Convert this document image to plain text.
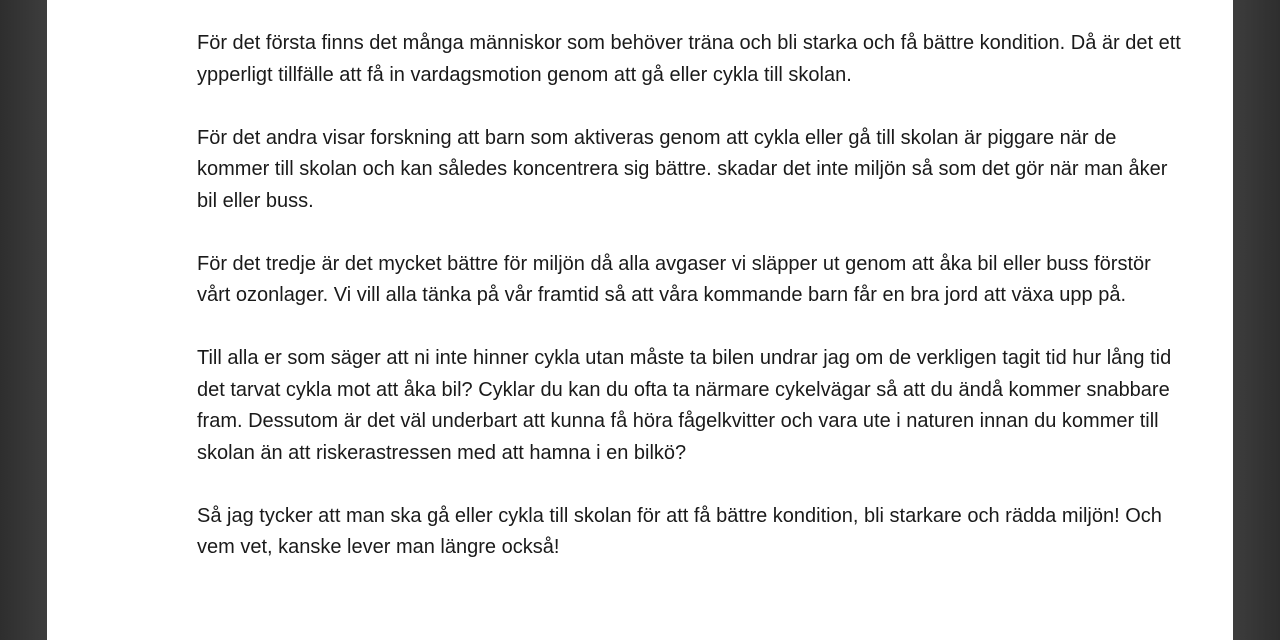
För det första finns det många människor som behöver träna och bli starka och få bättre kondition. Då är det ett ypperligt tillfälle att få in vardagsmotion genom att gå eller cykla till skolan.

För det andra visar forskning att barn som aktiveras genom att cykla eller gå till skolan är piggare när de kommer till skolan och kan således koncentrera sig bättre. skadar det inte miljön så som det gör när man åker bil eller buss.

För det tredje är det mycket bättre för miljön då alla avgaser vi släpper ut genom att åka bil eller buss förstör vårt ozonlager. Vi vill alla tänka på vår framtid så att våra kommande barn får en bra jord att växa upp på.

Till alla er som säger att ni inte hinner cykla utan måste ta bilen undrar jag om de verkligen tagit tid hur lång tid det tarvat cykla mot att åka bil? Cyklar du kan du ofta ta närmare cykelvägar så att du ändå kommer snabbare fram. Dessutom är det väl underbart att kunna få höra fågelkvitter och vara ute i naturen innan du kommer till skolan än att riskerastressen med att hamna i en bilkö?

Så jag tycker att man ska gå eller cykla till skolan för att få bättre kondition, bli starkare och rädda miljön! Och vem vet, kanske lever man längre också!
